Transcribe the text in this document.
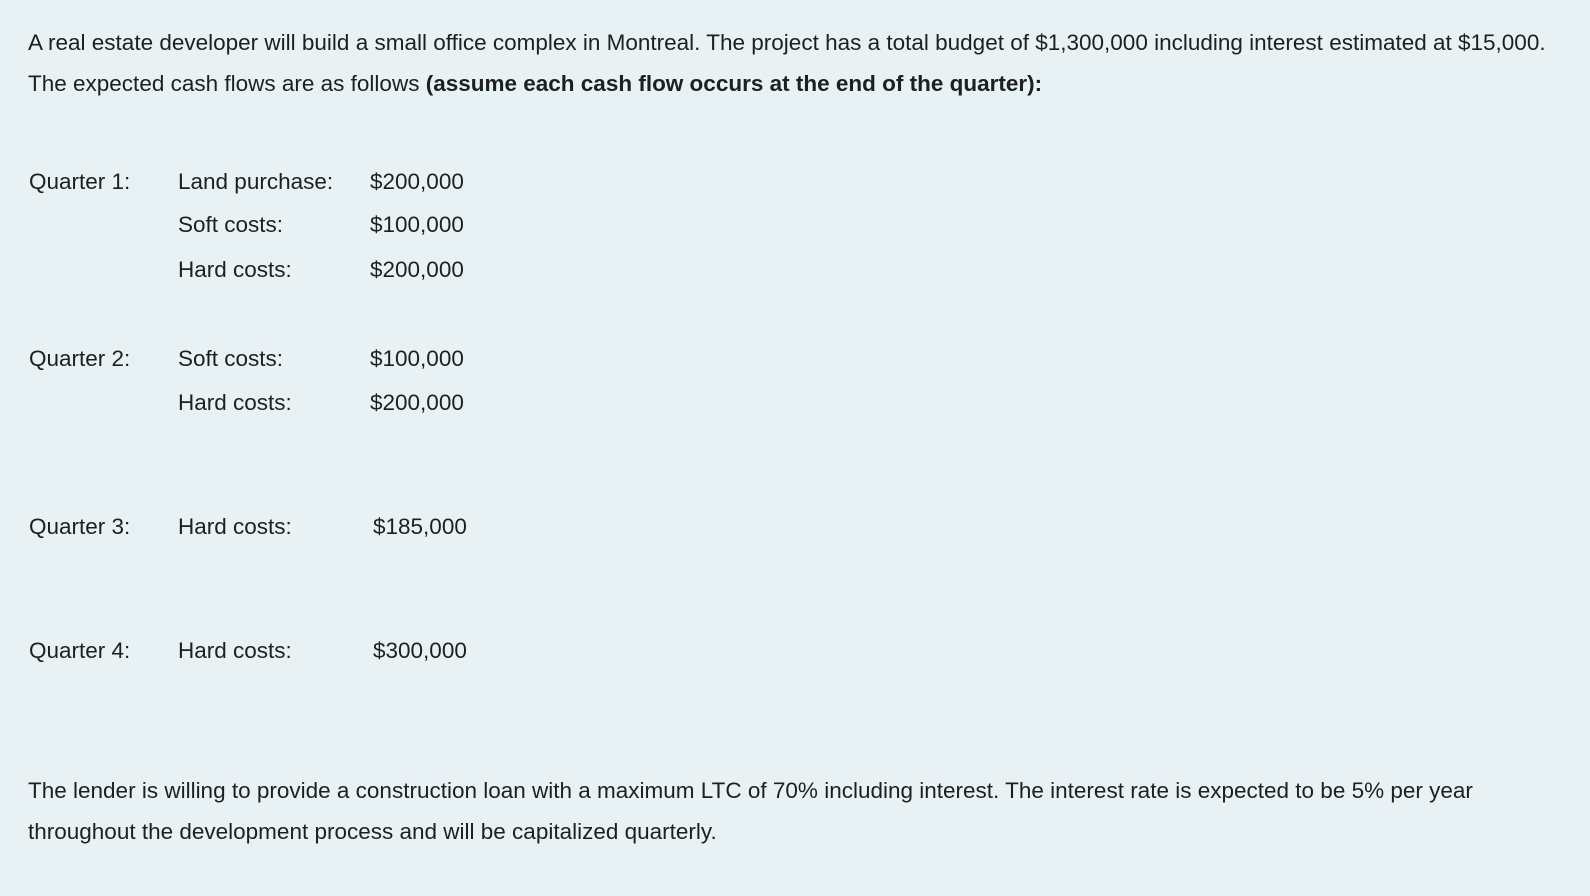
A real estate developer will build a small office complex in Montreal. The project has a total budget of $1,300,000 including interest estimated at $15,000. The expected cash flows are as follows (assume each cash flow occurs at the end of the quarter):

Quarter 1: Land purchase: $200,000
Soft costs:	$100,000
Hard costs:	$200,000
Quarter 2: Soft costs:	$100,000
Hard costs:	$200,000
Quarter 3: Hard costs:	$185,000
Quarter 4: Hard costs:	$300,000

The lender is willing to provide a construction loan with a maximum LTC of 70% including interest. The interest rate is expected to be 5% per year throughout the development process and will be capitalized quarterly.
